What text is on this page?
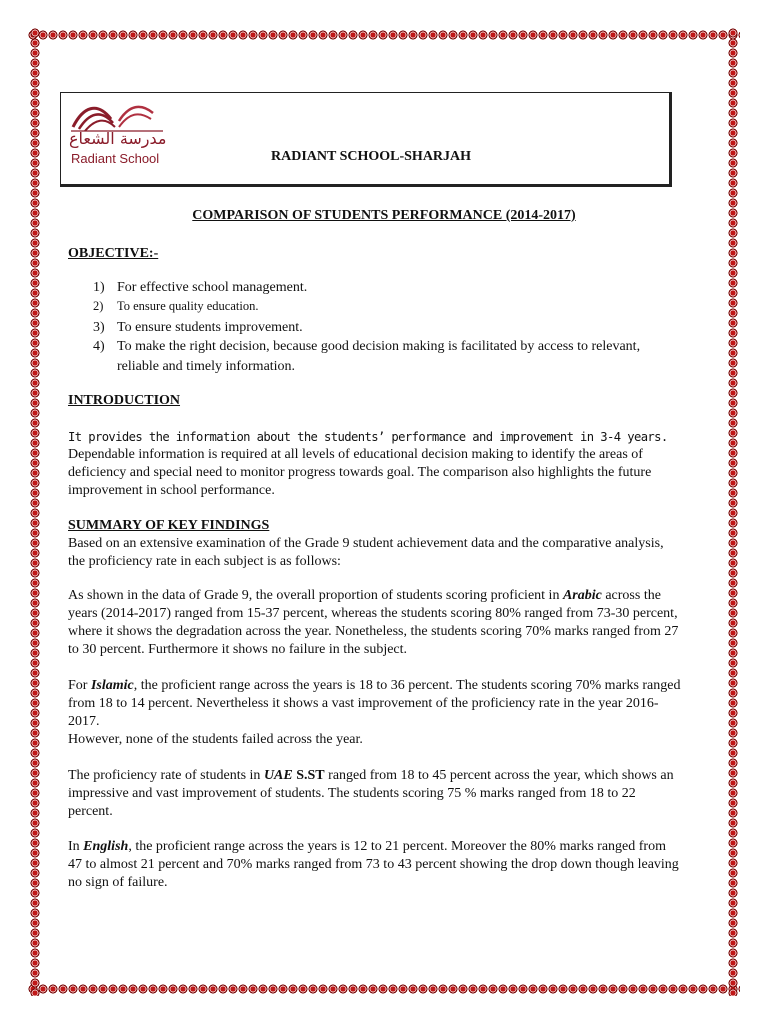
مدرسة الشعاع
Radiant School	RADIANT SCHOOL-SHARJAH
COMPARISON OF STUDENTS PERFORMANCE (2014-2017)
OBJECTIVE:-
1) For effective school management.
2)	To ensure quality education.
3) To ensure students improvement.
4) To make the right decision, because good decision making is facilitated by access to relevant, reliable and timely information.
INTRODUCTION
It provides the information about the students’ performance and improvement in 3-4 years.
Dependable information is required at all levels of educational decision making to identify the areas of deficiency and special need to monitor progress towards goal. The comparison also highlights the future improvement in school performance.
SUMMARY OF KEY FINDINGS
Based on an extensive examination of the Grade 9 student achievement data and the comparative analysis, the proficiency rate in each subject is as follows:
As shown in the data of Grade 9, the overall proportion of students scoring proficient in Arabic across the years (2014-2017) ranged from 15-37 percent, whereas the students scoring 80% ranged from 73-30 percent, where it shows the degradation across the year. Nonetheless, the students scoring 70% marks ranged from 27 to 30 percent. Furthermore it shows no failure in the subject.
For Islamic, the proficient range across the years is 18 to 36 percent. The students scoring 70% marks ranged from 18 to 14 percent. Nevertheless it shows a vast improvement of the proficiency rate in the year 2016-2017.
However, none of the students failed across the year.
The proficiency rate of students in UAE S.ST ranged from 18 to 45 percent across the year, which shows an impressive and vast improvement of students. The students scoring 75 % marks ranged from 18 to 22 percent.
In English, the proficient range across the years is 12 to 21 percent. Moreover the 80% marks ranged from 47 to almost 21 percent and 70% marks ranged from 73 to 43 percent showing the drop down though leaving no sign of failure.
